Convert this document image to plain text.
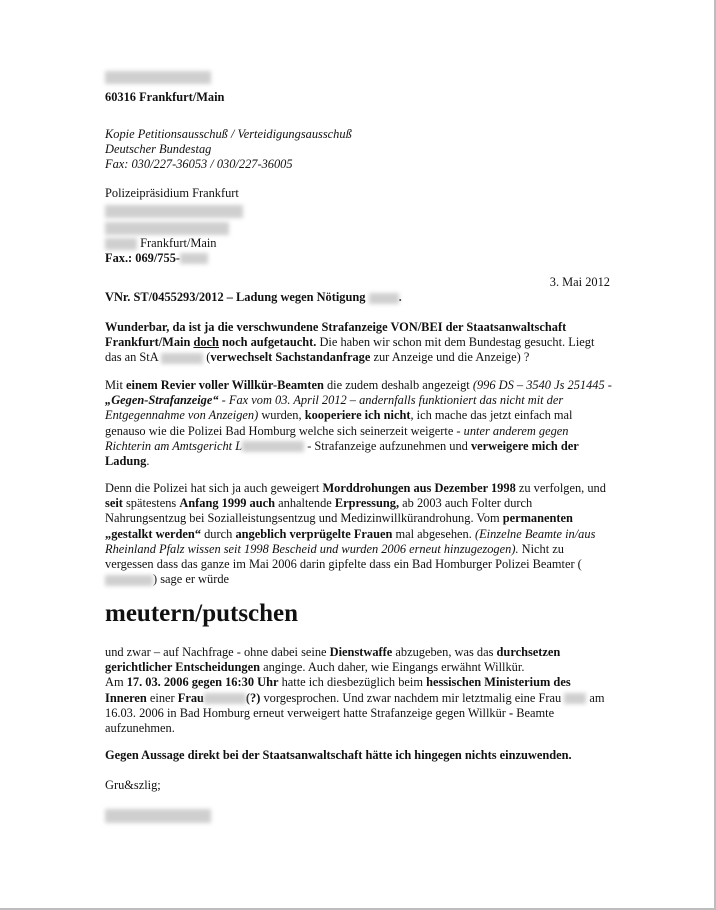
60316 Frankfurt/Main
Kopie Petitionsausschuß / Verteidigungsausschuß
Deutscher Bundestag
Fax: 030/227-36053 / 030/227-36005
Polizeipräsidium Frankfurt
Frankfurt/Main
Fax.: 069/755-
3. Mai 2012
VNr. ST/0455293/2012 – Ladung wegen Nötigung	.
Wunderbar, da ist ja die verschwundene Strafanzeige VON/BEI der Staatsanwaltschaft Frankfurt/Main doch noch aufgetaucht. Die haben wir schon mit dem Bundestag gesucht. Liegt das an StA	(verwechselt Sachstandanfrage zur Anzeige und die Anzeige) ?
Mit einem Revier voller Willkür-Beamten die zudem deshalb angezeigt (996 DS – 3540 Js 251445 - „Gegen-Strafanzeige“ - Fax vom 03. April 2012 – andernfalls funktioniert das nicht mit der Entgegennahme von Anzeigen) wurden, kooperiere ich nicht, ich mache das jetzt einfach mal genauso wie die Polizei Bad Homburg welche sich seinerzeit weigerte - unter anderem gegen Richterin am Amtsgericht L	- Strafanzeige aufzunehmen und verweigere mich der Ladung.
Denn die Polizei hat sich ja auch geweigert Morddrohungen aus Dezember 1998 zu verfolgen, und seit spätestens Anfang 1999 auch anhaltende Erpressung, ab 2003 auch Folter durch Nahrungsentzug bei Sozialleistungsentzug und Medizinwillkürandrohung. Vom permanenten „gestalkt werden“ durch angeblich verprügelte Frauen mal abgesehen. (Einzelne Beamte in/aus Rheinland Pfalz wissen seit 1998 Bescheid und wurden 2006 erneut hinzugezogen). Nicht zu vergessen dass das ganze im Mai 2006 darin gipfelte dass ein Bad Homburger Polizei Beamter () sage er würde
meutern/putschen
und zwar – auf Nachfrage - ohne dabei seine Dienstwaffe abzugeben, was das durchsetzen gerichtlicher Entscheidungen anginge. Auch daher, wie Eingangs erwähnt Willkür.
Am 17. 03. 2006 gegen 16:30 Uhr hatte ich diesbezüglich beim hessischen Ministerium des Inneren einer Frau	(?) vorgesprochen. Und zwar nachdem mir letztmalig eine Frau  am 16.03. 2006 in Bad Homburg erneut verweigert hatte Strafanzeige gegen Willkür - Beamte aufzunehmen.
Gegen Aussage direkt bei der Staatsanwaltschaft hätte ich hingegen nichts einzuwenden.
Gru&szlig;
